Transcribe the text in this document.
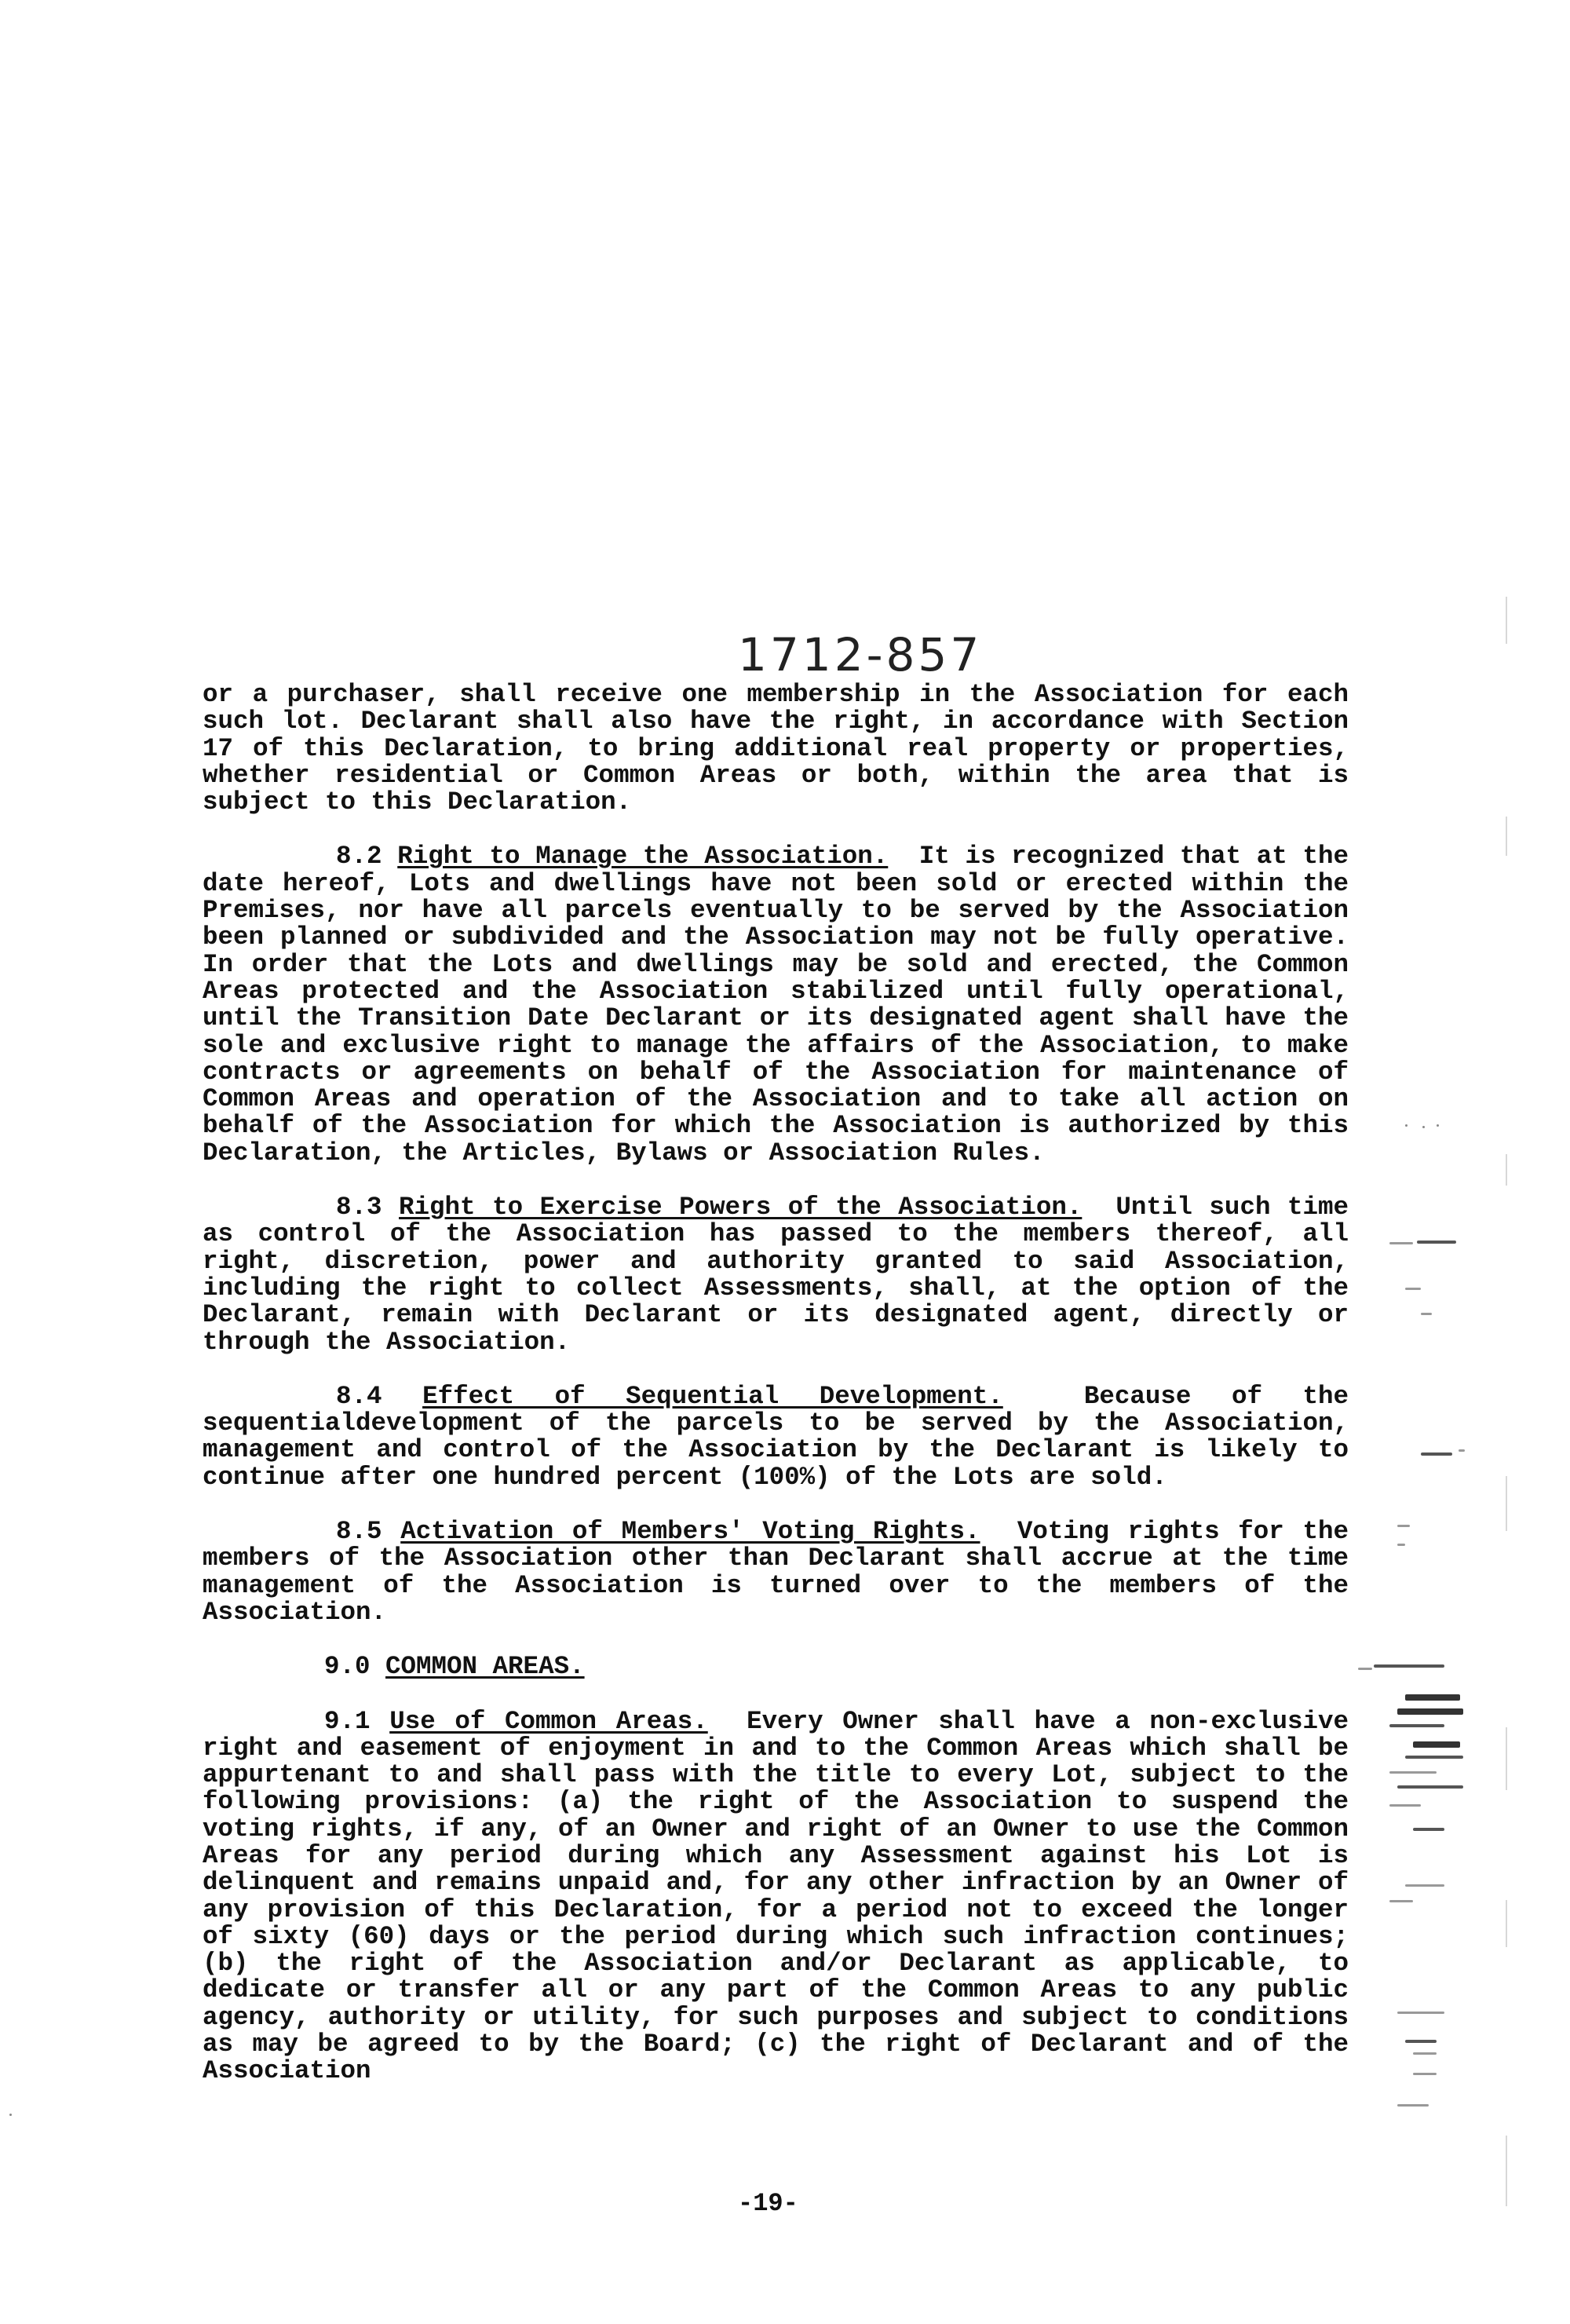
1712-857

or a purchaser, shall receive one membership in the Association for each such lot. Declarant shall also have the right, in accordance with Section 17 of this Declaration, to bring additional real property or properties, whether residential or Common Areas or both, within the area that is subject to this Declaration.

8.2 Right to Manage the Association. It is recognized that at the date hereof, Lots and dwellings have not been sold or erected within the Premises, nor have all parcels eventually to be served by the Association been planned or subdivided and the Association may not be fully operative. In order that the Lots and dwellings may be sold and erected, the Common Areas protected and the Association stabilized until fully operational, until the Transition Date Declarant or its designated agent shall have the sole and exclusive right to manage the affairs of the Association, to make contracts or agreements on behalf of the Association for maintenance of Common Areas and operation of the Association and to take all action on behalf of the Association for which the Association is authorized by this Declaration, the Articles, Bylaws or Association Rules.

8.3 Right to Exercise Powers of the Association. Until such time as control of the Association has passed to the members thereof, all right, discretion, power and authority granted to said Association, including the right to collect Assessments, shall, at the option of the Declarant, remain with Declarant or its designated agent, directly or through the Association.

8.4 Effect of Sequential Development.	Because of the sequentialdevelopment of the parcels to be served by the Association, management and control of the Association by the Declarant is likely to continue after one hundred percent (100%) of the Lots are sold.

8.5 Activation of Members' Voting Rights. Voting rights for the members of the Association other than Declarant shall accrue at the time management of the Association is turned over to the members of the Association.

9.0 COMMON AREAS.

9.1 Use of Common Areas. Every Owner shall have a non-exclusive right and easement of enjoyment in and to the Common Areas which shall be appurtenant to and shall pass with the title to every Lot, subject to the following provisions: (a) the right of the Association to suspend the voting rights, if any, of an Owner and right of an Owner to use the Common Areas for any period during which any Assessment against his Lot is delinquent and remains unpaid and, for any other infraction by an Owner of any provision of this Declaration, for a period not to exceed the longer of sixty (60) days or the period during which such infraction continues; (b) the right of the Association and/or Declarant as applicable, to dedicate or transfer all or any part of the Common Areas to any public agency, authority or utility, for such purposes and subject to conditions as may be agreed to by the Board; (c) the right of Declarant and of the Association

-19-
